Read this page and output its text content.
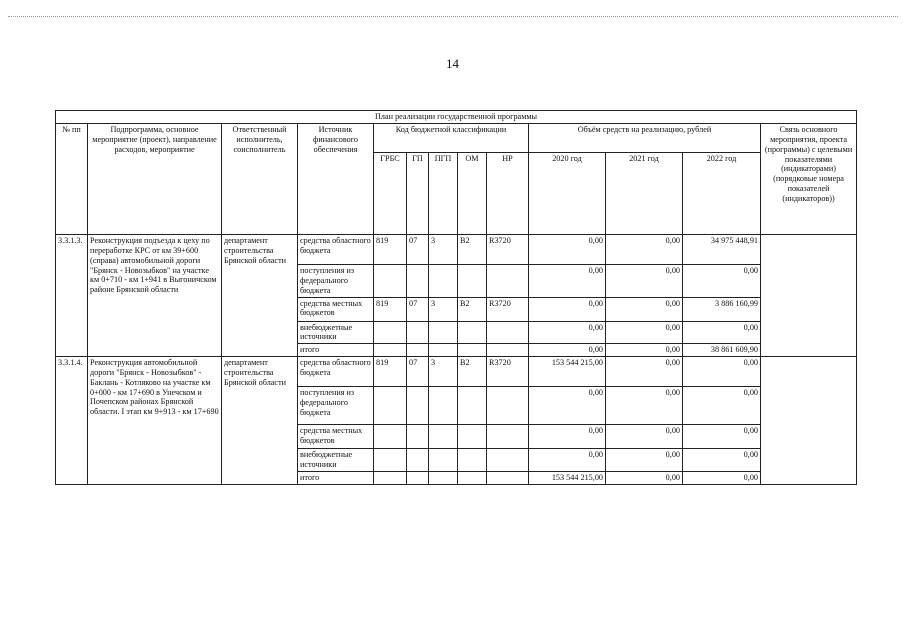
14
План реализации государственной программы												
№ пп	Подпрограмма, основное мероприятие (проект), направление расходов, мероприятие	Ответственный исполнитель, соисполнитель	Источник финансового обеспечения	Код бюджетной классификации					Объём средств на реализацию, рублей			Связь основного мероприятия, проекта (программы) с целевыми показателями (индикаторами) (порядковые номера показателей (индикаторов))
				ГРБС	ГП	ПГП	ОМ	НР	2020 год	2021 год	2022 год	
3.3.1.3.	Реконструкция подъезда к цеху по переработке КРС от км 39+600 (справа) автомобильной дороги "Брянск - Новозыбков" на участке км 0+710 - км 1+941 в Выгоничском районе Брянской области	департамент строительства Брянской области	средства областного бюджета	819	07	3	В2	R3720	0,00	0,00	34 975 448,91	
			поступления из федерального бюджета						0,00	0,00	0,00	
			средства местных бюджетов	819	07	3	В2	R3720	0,00	0,00	3 886 160,99	
			внебюджетные источники						0,00	0,00	0,00	
			итого						0,00	0,00	38 861 609,90	
3.3.1.4.	Реконструкция автомобильной дороги "Брянск - Новозыбков" - Баклань - Котляково на участке км 0+000 - км 17+690 в Унечском и Почепском районах Брянской области. I этап км 9+913 - км 17+690	департамент строительства Брянской области	средства областного бюджета	819	07	3	В2	R3720	153 544 215,00	0,00	0,00	
			поступления из федерального бюджета						0,00	0,00	0,00	
			средства местных бюджетов						0,00	0,00	0,00	
			внебюджетные источники						0,00	0,00	0,00	
			итого						153 544 215,00	0,00	0,00	
